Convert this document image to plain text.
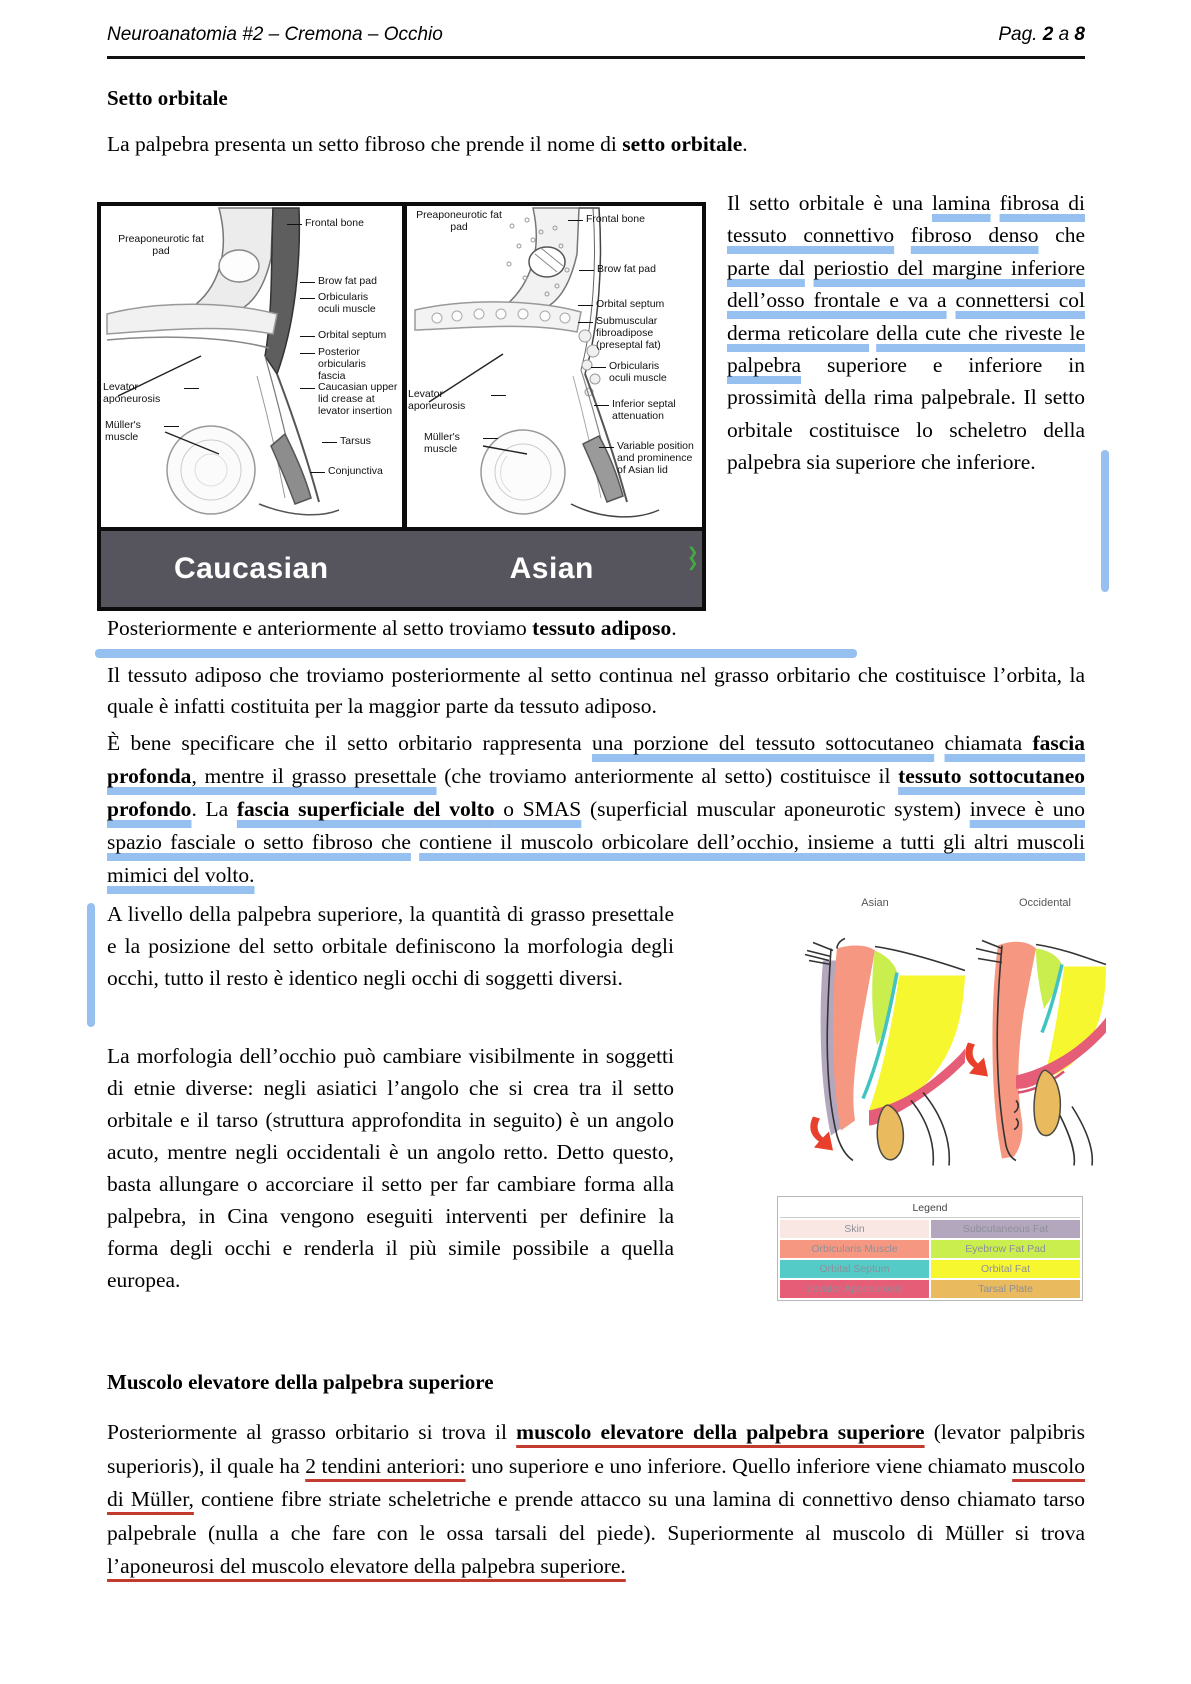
Neuroanatomia #2 – Cremona – Occhio	Pag. 2 a 8
Setto orbitale

La palpebra presenta un setto fibroso che prende il nome di setto orbitale.

Frontal bone
Preaponeurotic fat pad
Brow fat pad
Orbicularis oculi muscle
Orbital septum
Posterior orbicularis fascia
Caucasian upper lid crease at levator insertion
Levator aponeurosis
Müller's muscle	Tarsus
Conjunctiva
Preaponeurotic fat pad
Frontal bone
Brow fat pad
Orbital septum
Submuscular fibroadipose (preseptal fat)
Orbicularis oculi muscle
Levator aponeurosis
Müller's muscle
Inferior septal attenuation
Variable position and prominence of Asian lid
Caucasian	Asian	❯
❯

Il setto orbitale è una lamina fibrosa di tessuto connettivo fibroso denso che parte dal periostio del margine inferiore dell’osso frontale e va a connettersi col derma reticolare della cute che riveste le palpebra superiore e inferiore in prossimità della rima palpebrale. Il setto orbitale costituisce lo scheletro della palpebra sia superiore che inferiore.

Posteriormente e anteriormente al setto troviamo tessuto adiposo.

Il tessuto adiposo che troviamo posteriormente al setto continua nel grasso orbitario che costituisce l’orbita, la quale è infatti costituita per la maggior parte da tessuto adiposo.

È bene specificare che il setto orbitario rappresenta una porzione del tessuto sottocutaneo chiamata fascia profonda, mentre il grasso presettale (che troviamo anteriormente al setto) costituisce il tessuto sottocutaneo profondo. La fascia superficiale del volto o SMAS (superficial muscular aponeurotic system) invece è uno spazio fasciale o setto fibroso che contiene il muscolo orbicolare dell’occhio, insieme a tutti gli altri muscoli mimici del volto.

A livello della palpebra superiore, la quantità di grasso presettale e la posizione del setto orbitale definiscono la morfologia degli occhi, tutto il resto è identico negli occhi di soggetti diversi.

La morfologia dell’occhio può cambiare visibilmente in soggetti di etnie diverse: negli asiatici l’angolo che si crea tra il setto orbitale e il tarso (struttura approfondita in seguito) è un angolo acuto, mentre negli occidentali è un angolo retto. Detto questo, basta allungare o accorciare il setto per far cambiare forma alla palpebra, in Cina vengono eseguiti interventi per definire la forma degli occhi e renderla il più simile possibile a quella europea.

Asian	Occidental
Legend	
Skin	Subcutaneous Fat
Orbicularis Muscle	Eyebrow Fat Pad
Orbital Septum	Orbital Fat
Levator Aponeurosis	Tarsal Plate
Muscolo elevatore della palpebra superiore

Posteriormente al grasso orbitario si trova il muscolo elevatore della palpebra superiore (levator palpibris superioris), il quale ha 2 tendini anteriori: uno superiore e uno inferiore. Quello inferiore viene chiamato muscolo di Müller, contiene fibre striate scheletriche e prende attacco su una lamina di connettivo denso chiamato tarso palpebrale (nulla a che fare con le ossa tarsali del piede). Superiormente al muscolo di Müller si trova l’aponeurosi del muscolo elevatore della palpebra superiore.
